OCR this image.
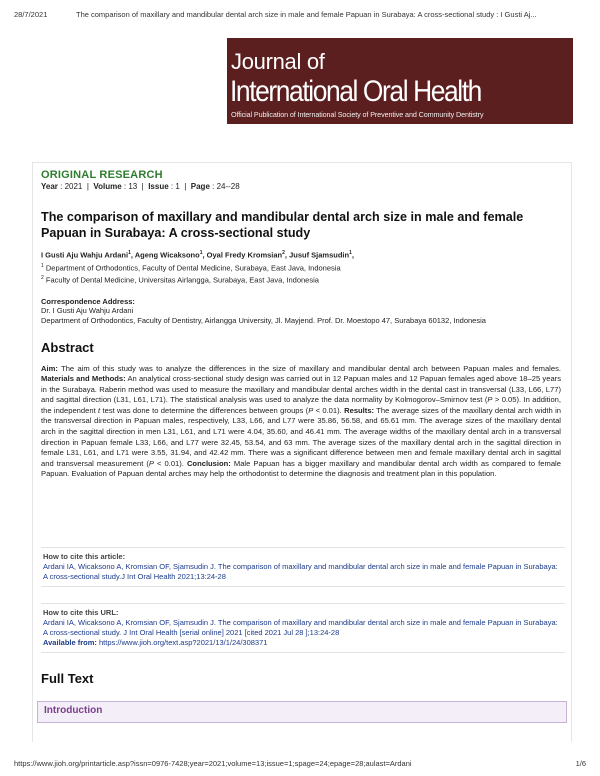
28/7/2021	The comparison of maxillary and mandibular dental arch size in male and female Papuan in Surabaya: A cross-sectional study : I Gusti Aj...
Journal of
International Oral Health
Official Publication of International Society of Preventive and Community Dentistry
ORIGINAL RESEARCH
Year : 2021  |  Volume : 13  |  Issue : 1  |  Page : 24--28
The comparison of maxillary and mandibular dental arch size in male and female Papuan in Surabaya: A cross-sectional study
I Gusti Aju Wahju Ardani$^1$, Ageng Wicaksono$^1$, Oyal Fredy Kromsian$^2$, Jusuf Sjamsudin$^1$,
$^1$ Department of Orthodontics, Faculty of Dental Medicine, Surabaya, East Java, Indonesia
$^2$ Faculty of Dental Medicine, Universitas Airlangga, Surabaya, East Java, Indonesia
Correspondence Address:
Dr. I Gusti Aju Wahju Ardani
Department of Orthodontics, Faculty of Dentistry, Airlangga University, Jl. Mayjend. Prof. Dr. Moestopo 47, Surabaya 60132, Indonesia
Abstract
Aim: The aim of this study was to analyze the differences in the size of maxillary and mandibular dental arch between Papuan males and females. Materials and Methods: An analytical cross-sectional study design was carried out in 12 Papuan males and 12 Papuan females aged above 18–25 years in the Surabaya. Raberin method was used to measure the maxillary and mandibular dental arches width in the dental cast in transversal (L33, L66, L77) and sagittal direction (L31, L61, L71). The statistical analysis was used to analyze the data normality by Kolmogorov–Smirnov test (P > 0.05). In addition, the independent t test was done to determine the differences between groups (P < 0.01). Results: The average sizes of the maxillary dental arch width in the transversal direction in Papuan males, respectively, L33, L66, and L77 were 35.86, 56.58, and 65.61 mm. The average sizes of the maxillary dental arch in the sagittal direction in men L31, L61, and L71 were 4.04, 35.60, and 46.41 mm. The average widths of the maxillary dental arch in a transversal direction in Papuan female L33, L66, and L77 were 32.45, 53.54, and 63 mm. The average sizes of the maxillary dental arch in the sagittal direction in female L31, L61, and L71 were 3.55, 31.94, and 42.42 mm. There was a significant difference between men and female maxillary dental arch in sagittal and transversal measurement (P < 0.01). Conclusion: Male Papuan has a bigger maxillary and mandibular dental arch width as compared to female Papuan. Evaluation of Papuan dental arches may help the orthodontist to determine the diagnosis and treatment plan in this population.
How to cite this article:
Ardani IA, Wicaksono A, Kromsian OF, Sjamsudin J. The comparison of maxillary and mandibular dental arch size in male and female Papuan in Surabaya: A cross-sectional study.J Int Oral Health 2021;13:24-28
How to cite this URL:
Ardani IA, Wicaksono A, Kromsian OF, Sjamsudin J. The comparison of maxillary and mandibular dental arch size in male and female Papuan in Surabaya: A cross-sectional study. J Int Oral Health [serial online] 2021 [cited 2021 Jul 28 ];13:24-28
Available from: https://www.jioh.org/text.asp?2021/13/1/24/308371
Full Text
Introduction
https://www.jioh.org/printarticle.asp?issn=0976-7428;year=2021;volume=13;issue=1;spage=24;epage=28;aulast=Ardani	1/6
